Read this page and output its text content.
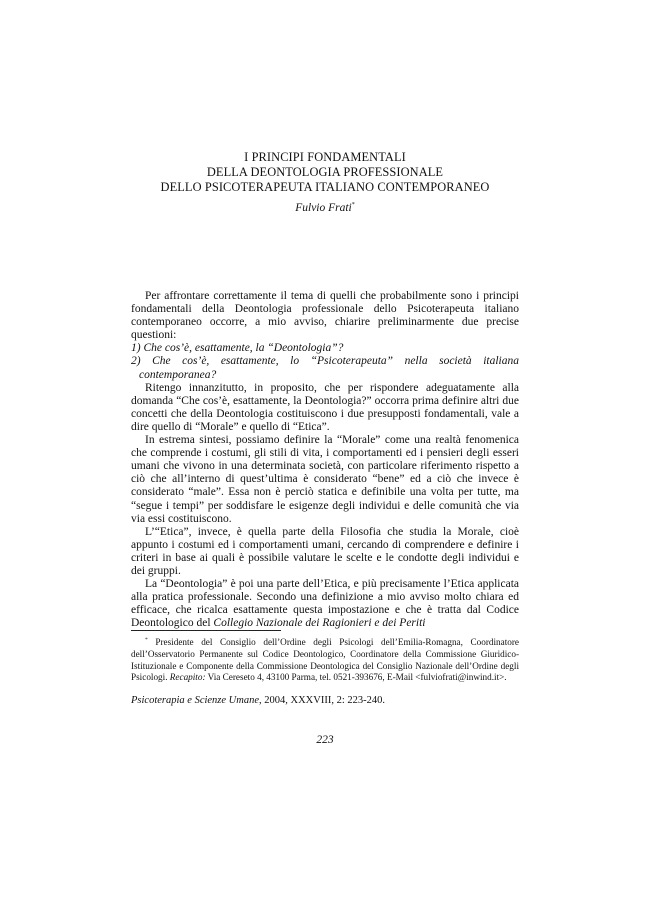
I PRINCIPI FONDAMENTALI
DELLA DEONTOLOGIA PROFESSIONALE
DELLO PSICOTERAPEUTA ITALIANO CONTEMPORANEO
Fulvio Frati*

Per affrontare correttamente il tema di quelli che probabilmente sono i principi fondamentali della Deontologia professionale dello Psicoterapeuta italiano contemporaneo occorre, a mio avviso, chiarire preliminarmente due precise questioni:

1) Che cos’è, esattamente, la “Deontologia”?

2) Che cos’è, esattamente, lo “Psicoterapeuta” nella società italiana contemporanea?

Ritengo innanzitutto, in proposito, che per rispondere adeguatamente alla domanda “Che cos’è, esattamente, la Deontologia?” occorra prima definire altri due concetti che della Deontologia costituiscono i due presupposti fondamentali, vale a dire quello di “Morale” e quello di “Etica”.

In estrema sintesi, possiamo definire la “Morale” come una realtà fenomenica che comprende i costumi, gli stili di vita, i comportamenti ed i pensieri degli esseri umani che vivono in una determinata società, con particolare riferimento rispetto a ciò che all’interno di quest’ultima è considerato “bene” ed a ciò che invece è considerato “male”. Essa non è perciò statica e definibile una volta per tutte, ma “segue i tempi” per soddisfare le esigenze degli individui e delle comunità che via via essi costituiscono.

L’“Etica”, invece, è quella parte della Filosofia che studia la Morale, cioè appunto i costumi ed i comportamenti umani, cercando di comprendere e definire i criteri in base ai quali è possibile valutare le scelte e le condotte degli individui e dei gruppi.

La “Deontologia” è poi una parte dell’Etica, e più precisamente l’Etica applicata alla pratica professionale. Secondo una definizione a mio avviso molto chiara ed efficace, che ricalca esattamente questa impostazione e che è tratta dal Codice Deontologico del Collegio Nazionale dei Ragionieri e dei Periti

* Presidente del Consiglio dell’Ordine degli Psicologi dell’Emilia-Romagna, Coordinatore dell’Osservatorio Permanente sul Codice Deontologico, Coordinatore della Commissione Giuridico-Istituzionale e Componente della Commissione Deontologica del Consiglio Nazionale dell’Ordine degli Psicologi. Recapito: Via Cereseto 4, 43100 Parma, tel. 0521-393676, E-Mail <fulviofrati@inwind.it>.

Psicoterapia e Scienze Umane, 2004, XXXVIII, 2: 223-240.
223
